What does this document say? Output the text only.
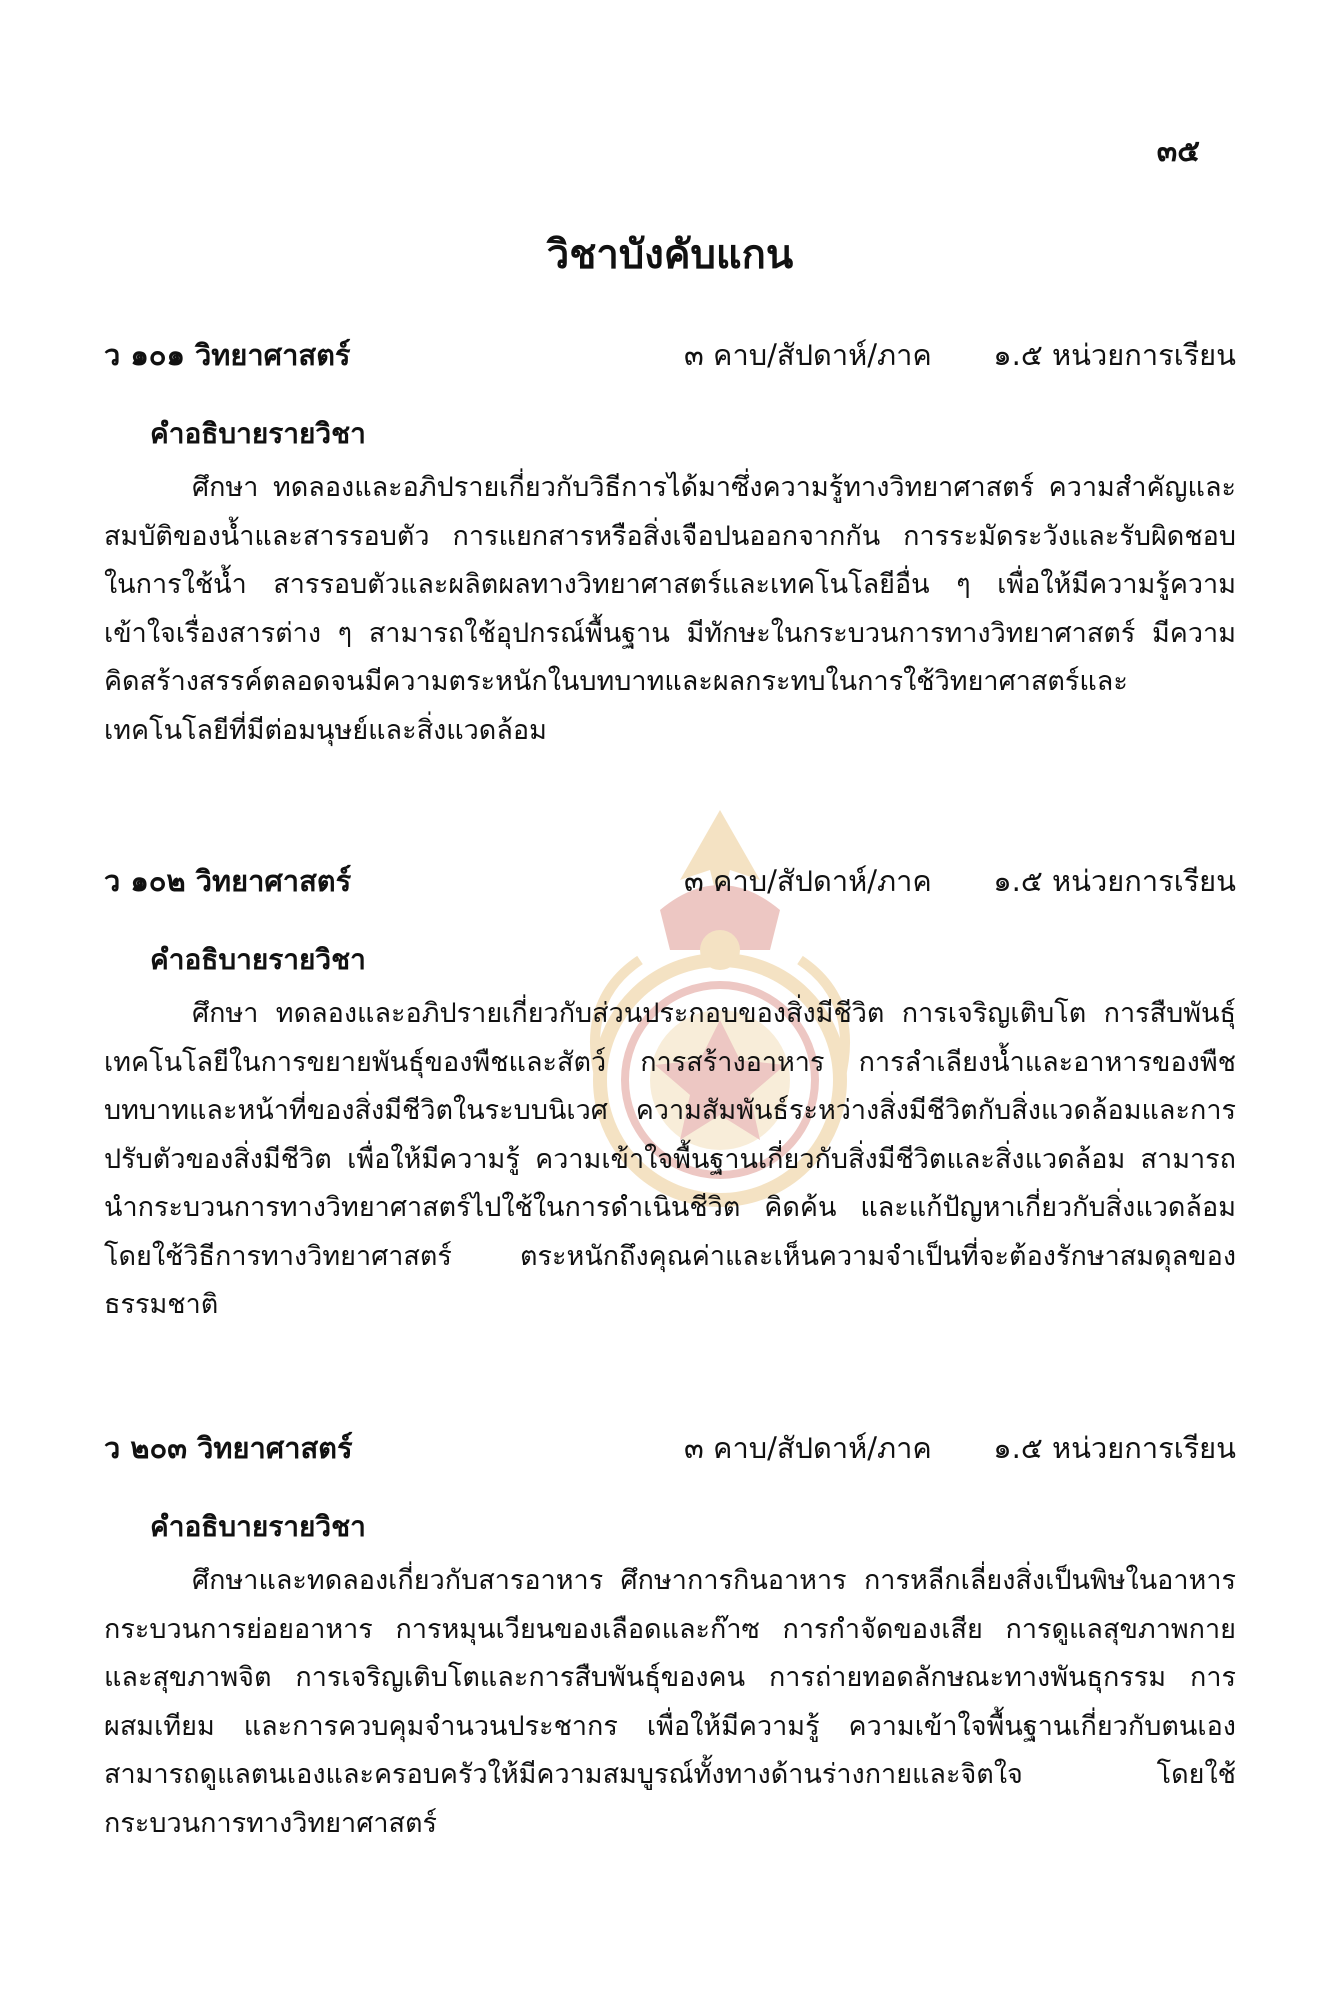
๓๕
วิชาบังคับแกน
ว ๑๐๑ วิทยาศาสตร์	๓ คาบ/สัปดาห์/ภาค ๑.๕ หน่วยการเรียน
คำอธิบายรายวิชา

ศึกษา ทดลองและอภิปรายเกี่ยวกับวิธีการได้มาซึ่งความรู้ทางวิทยาศาสตร์ ความสำคัญและสมบัติของน้ำและสารรอบตัว การแยกสารหรือสิ่งเจือปนออกจากกัน การระมัดระวังและรับผิดชอบในการใช้น้ำ สารรอบตัวและผลิตผลทางวิทยาศาสตร์และเทคโนโลยีอื่น ๆ เพื่อให้มีความรู้ความเข้าใจเรื่องสารต่าง ๆ สามารถใช้อุปกรณ์พื้นฐาน มีทักษะในกระบวนการทางวิทยาศาสตร์ มีความคิดสร้างสรรค์ตลอดจนมีความตระหนักในบทบาทและผลกระทบในการใช้วิทยาศาสตร์และเทคโนโลยีที่มีต่อมนุษย์และสิ่งแวดล้อม

ว ๑๐๒ วิทยาศาสตร์	๓ คาบ/สัปดาห์/ภาค ๑.๕ หน่วยการเรียน
คำอธิบายรายวิชา

ศึกษา ทดลองและอภิปรายเกี่ยวกับส่วนประกอบของสิ่งมีชีวิต การเจริญเติบโต การสืบพันธุ์ เทคโนโลยีในการขยายพันธุ์ของพืชและสัตว์ การสร้างอาหาร การลำเลียงน้ำและอาหารของพืช บทบาทและหน้าที่ของสิ่งมีชีวิตในระบบนิเวศ ความสัมพันธ์ระหว่างสิ่งมีชีวิตกับสิ่งแวดล้อมและการปรับตัวของสิ่งมีชีวิต เพื่อให้มีความรู้ ความเข้าใจพื้นฐานเกี่ยวกับสิ่งมีชีวิตและสิ่งแวดล้อม สามารถนำกระบวนการทางวิทยาศาสตร์ไปใช้ในการดำเนินชีวิต คิดค้น และแก้ปัญหาเกี่ยวกับสิ่งแวดล้อมโดยใช้วิธีการทางวิทยาศาสตร์ ตระหนักถึงคุณค่าและเห็นความจำเป็นที่จะต้องรักษาสมดุลของธรรมชาติ

ว ๒๐๓ วิทยาศาสตร์	๓ คาบ/สัปดาห์/ภาค ๑.๕ หน่วยการเรียน
คำอธิบายรายวิชา

ศึกษาและทดลองเกี่ยวกับสารอาหาร ศึกษาการกินอาหาร การหลีกเลี่ยงสิ่งเป็นพิษในอาหาร กระบวนการย่อยอาหาร การหมุนเวียนของเลือดและก๊าซ การกำจัดของเสีย การดูแลสุขภาพกายและสุขภาพจิต การเจริญเติบโตและการสืบพันธุ์ของคน การถ่ายทอดลักษณะทางพันธุกรรม การผสมเทียม และการควบคุมจำนวนประชากร เพื่อให้มีความรู้ ความเข้าใจพื้นฐานเกี่ยวกับตนเอง สามารถดูแลตนเองและครอบครัวให้มีความสมบูรณ์ทั้งทางด้านร่างกายและจิตใจ โดยใช้กระบวนการทางวิทยาศาสตร์
